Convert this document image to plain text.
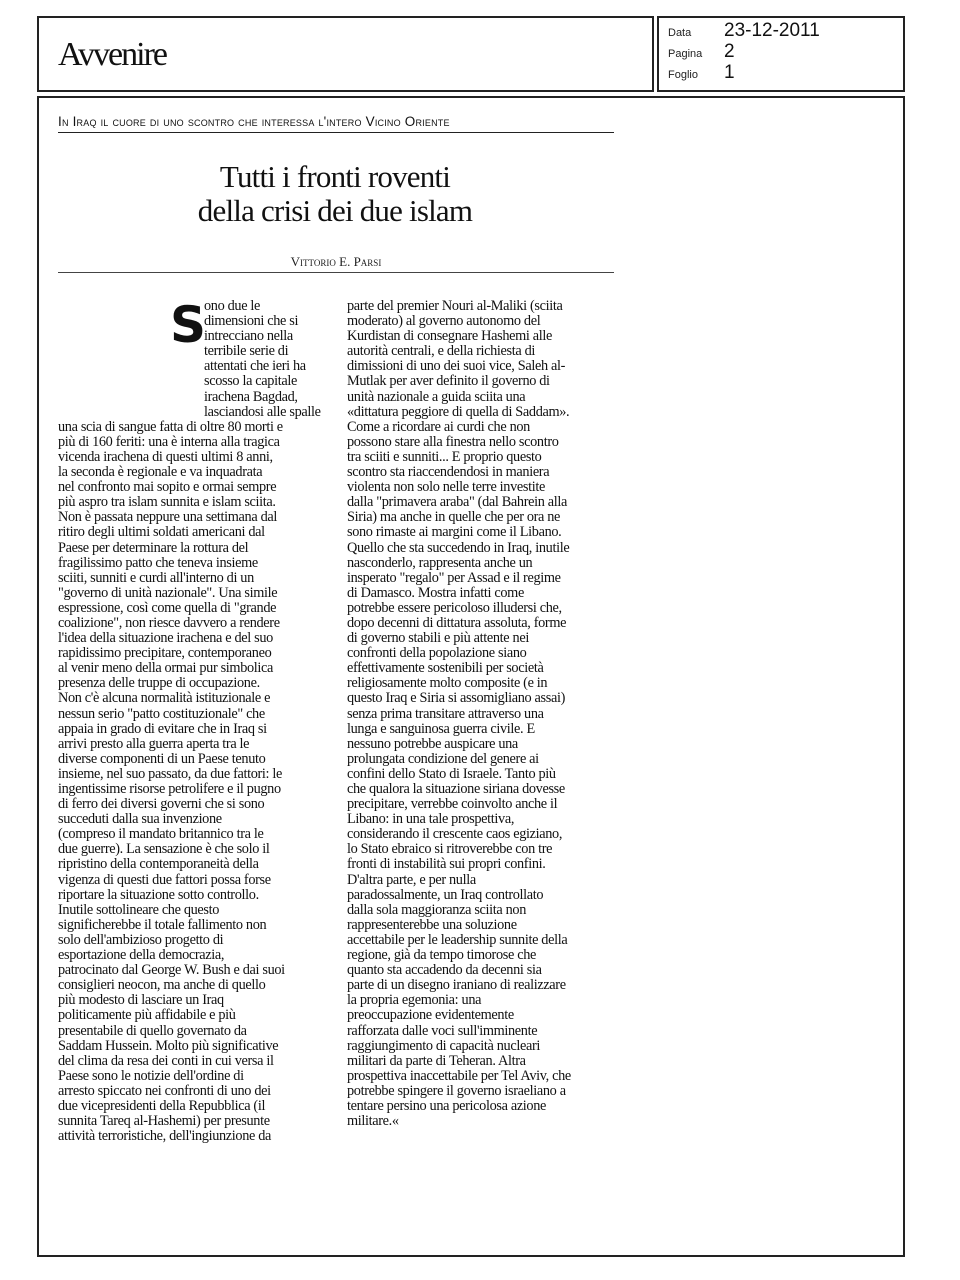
Avvenire
Data	23-12-2011
Pagina	2
Foglio	1
In Iraq il cuore di uno scontro che interessa l'intero Vicino Oriente
Tutti i fronti roventi
della crisi dei due islam
Vittorio E. Parsi
S
ono due le
dimensioni che si
intrecciano nella
terribile serie di
attentati che ieri ha
scosso la capitale
irachena Bagdad,
lasciandosi alle spalle
una scia di sangue fatta di oltre 80 morti e
più di 160 feriti: una è interna alla tragica
vicenda irachena di questi ultimi 8 anni,
la seconda è regionale e va inquadrata
nel confronto mai sopito e ormai sempre
più aspro tra islam sunnita e islam sciita.
Non è passata neppure una settimana dal
ritiro degli ultimi soldati americani dal
Paese per determinare la rottura del
fragilissimo patto che teneva insieme
sciiti, sunniti e curdi all'interno di un
"governo di unità nazionale". Una simile
espressione, così come quella di "grande
coalizione", non riesce davvero a rendere
l'idea della situazione irachena e del suo
rapidissimo precipitare, contemporaneo
al venir meno della ormai pur simbolica
presenza delle truppe di occupazione.
Non c'è alcuna normalità istituzionale e
nessun serio "patto costituzionale" che
appaia in grado di evitare che in Iraq si
arrivi presto alla guerra aperta tra le
diverse componenti di un Paese tenuto
insieme, nel suo passato, da due fattori: le
ingentissime risorse petrolifere e il pugno
di ferro dei diversi governi che si sono
succeduti dalla sua invenzione
(compreso il mandato britannico tra le
due guerre). La sensazione è che solo il
ripristino della contemporaneità della
vigenza di questi due fattori possa forse
riportare la situazione sotto controllo.
Inutile sottolineare che questo
significherebbe il totale fallimento non
solo dell'ambizioso progetto di
esportazione della democrazia,
patrocinato dal George W. Bush e dai suoi
consiglieri neocon, ma anche di quello
più modesto di lasciare un Iraq
politicamente più affidabile e più
presentabile di quello governato da
Saddam Hussein. Molto più significative
del clima da resa dei conti in cui versa il
Paese sono le notizie dell'ordine di
arresto spiccato nei confronti di uno dei
due vicepresidenti della Repubblica (il
sunnita Tareq al-Hashemi) per presunte
attività terroristiche, dell'ingiunzione da
parte del premier Nouri al-Maliki (sciita
moderato) al governo autonomo del
Kurdistan di consegnare Hashemi alle
autorità centrali, e della richiesta di
dimissioni di uno dei suoi vice, Saleh al-
Mutlak per aver definito il governo di
unità nazionale a guida sciita una
«dittatura peggiore di quella di Saddam».
Come a ricordare ai curdi che non
possono stare alla finestra nello scontro
tra sciiti e sunniti... E proprio questo
scontro sta riaccendendosi in maniera
violenta non solo nelle terre investite
dalla "primavera araba" (dal Bahrein alla
Siria) ma anche in quelle che per ora ne
sono rimaste ai margini come il Libano.
Quello che sta succedendo in Iraq, inutile
nasconderlo, rappresenta anche un
insperato "regalo" per Assad e il regime
di Damasco. Mostra infatti come
potrebbe essere pericoloso illudersi che,
dopo decenni di dittatura assoluta, forme
di governo stabili e più attente nei
confronti della popolazione siano
effettivamente sostenibili per società
religiosamente molto composite (e in
questo Iraq e Siria si assomigliano assai)
senza prima transitare attraverso una
lunga e sanguinosa guerra civile. E
nessuno potrebbe auspicare una
prolungata condizione del genere ai
confini dello Stato di Israele. Tanto più
che qualora la situazione siriana dovesse
precipitare, verrebbe coinvolto anche il
Libano: in una tale prospettiva,
considerando il crescente caos egiziano,
lo Stato ebraico si ritroverebbe con tre
fronti di instabilità sui propri confini.
D'altra parte, e per nulla
paradossalmente, un Iraq controllato
dalla sola maggioranza sciita non
rappresenterebbe una soluzione
accettabile per le leadership sunnite della
regione, già da tempo timorose che
quanto sta accadendo da decenni sia
parte di un disegno iraniano di realizzare
la propria egemonia: una
preoccupazione evidentemente
rafforzata dalle voci sull'imminente
raggiungimento di capacità nucleari
militari da parte di Teheran. Altra
prospettiva inaccettabile per Tel Aviv, che
potrebbe spingere il governo israeliano a
tentare persino una pericolosa azione
militare.«
